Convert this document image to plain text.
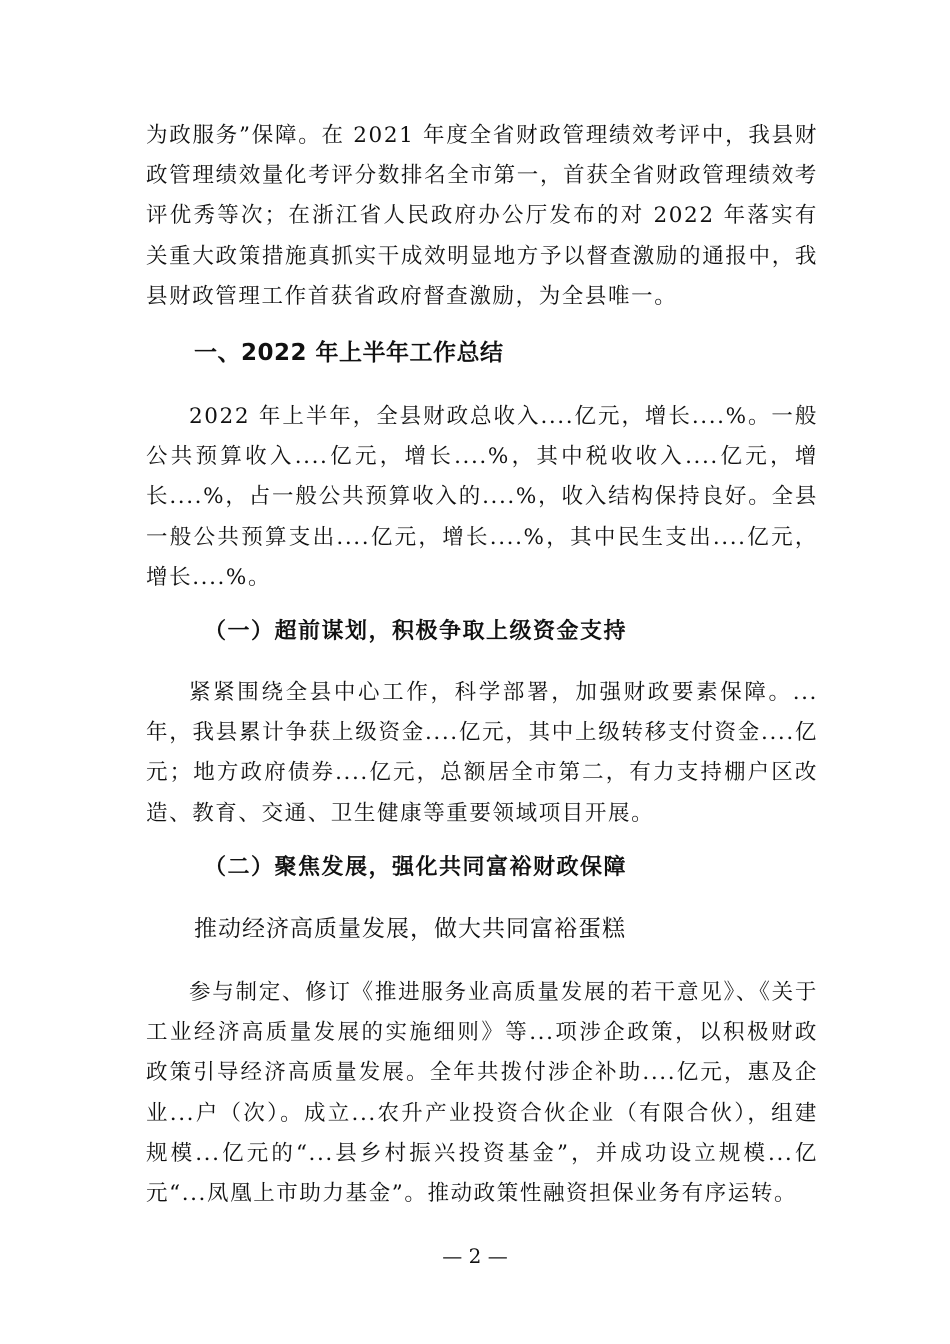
为政服务”保障。在 2021 年度全省财政管理绩效考评中，我县财政管理绩效量化考评分数排名全市第一，首获全省财政管理绩效考评优秀等次；在浙江省人民政府办公厅发布的对 2022 年落实有关重大政策措施真抓实干成效明显地方予以督查激励的通报中，我县财政管理工作首获省政府督查激励，为全县唯一。

一、2022 年上半年工作总结

2022 年上半年，全县财政总收入....亿元，增长....%。一般公共预算收入....亿元，增长....%，其中税收收入....亿元，增长....%，占一般公共预算收入的....%，收入结构保持良好。全县一般公共预算支出....亿元，增长....%，其中民生支出....亿元，增长....%。

（一）超前谋划，积极争取上级资金支持

紧紧围绕全县中心工作，科学部署，加强财政要素保障。...年，我县累计争获上级资金....亿元，其中上级转移支付资金....亿元；地方政府债券....亿元，总额居全市第二，有力支持棚户区改造、教育、交通、卫生健康等重要领域项目开展。

（二）聚焦发展，强化共同富裕财政保障
推动经济高质量发展，做大共同富裕蛋糕

参与制定、修订《推进服务业高质量发展的若干意见》、《关于工业经济高质量发展的实施细则》等...项涉企政策，以积极财政政策引导经济高质量发展。全年共拨付涉企补助....亿元，惠及企业...户（次）。成立...农升产业投资合伙企业（有限合伙），组建规模...亿元的“...县乡村振兴投资基金”，并成功设立规模...亿元“...凤凰上市助力基金”。推动政策性融资担保业务有序运转。

— 2 —
